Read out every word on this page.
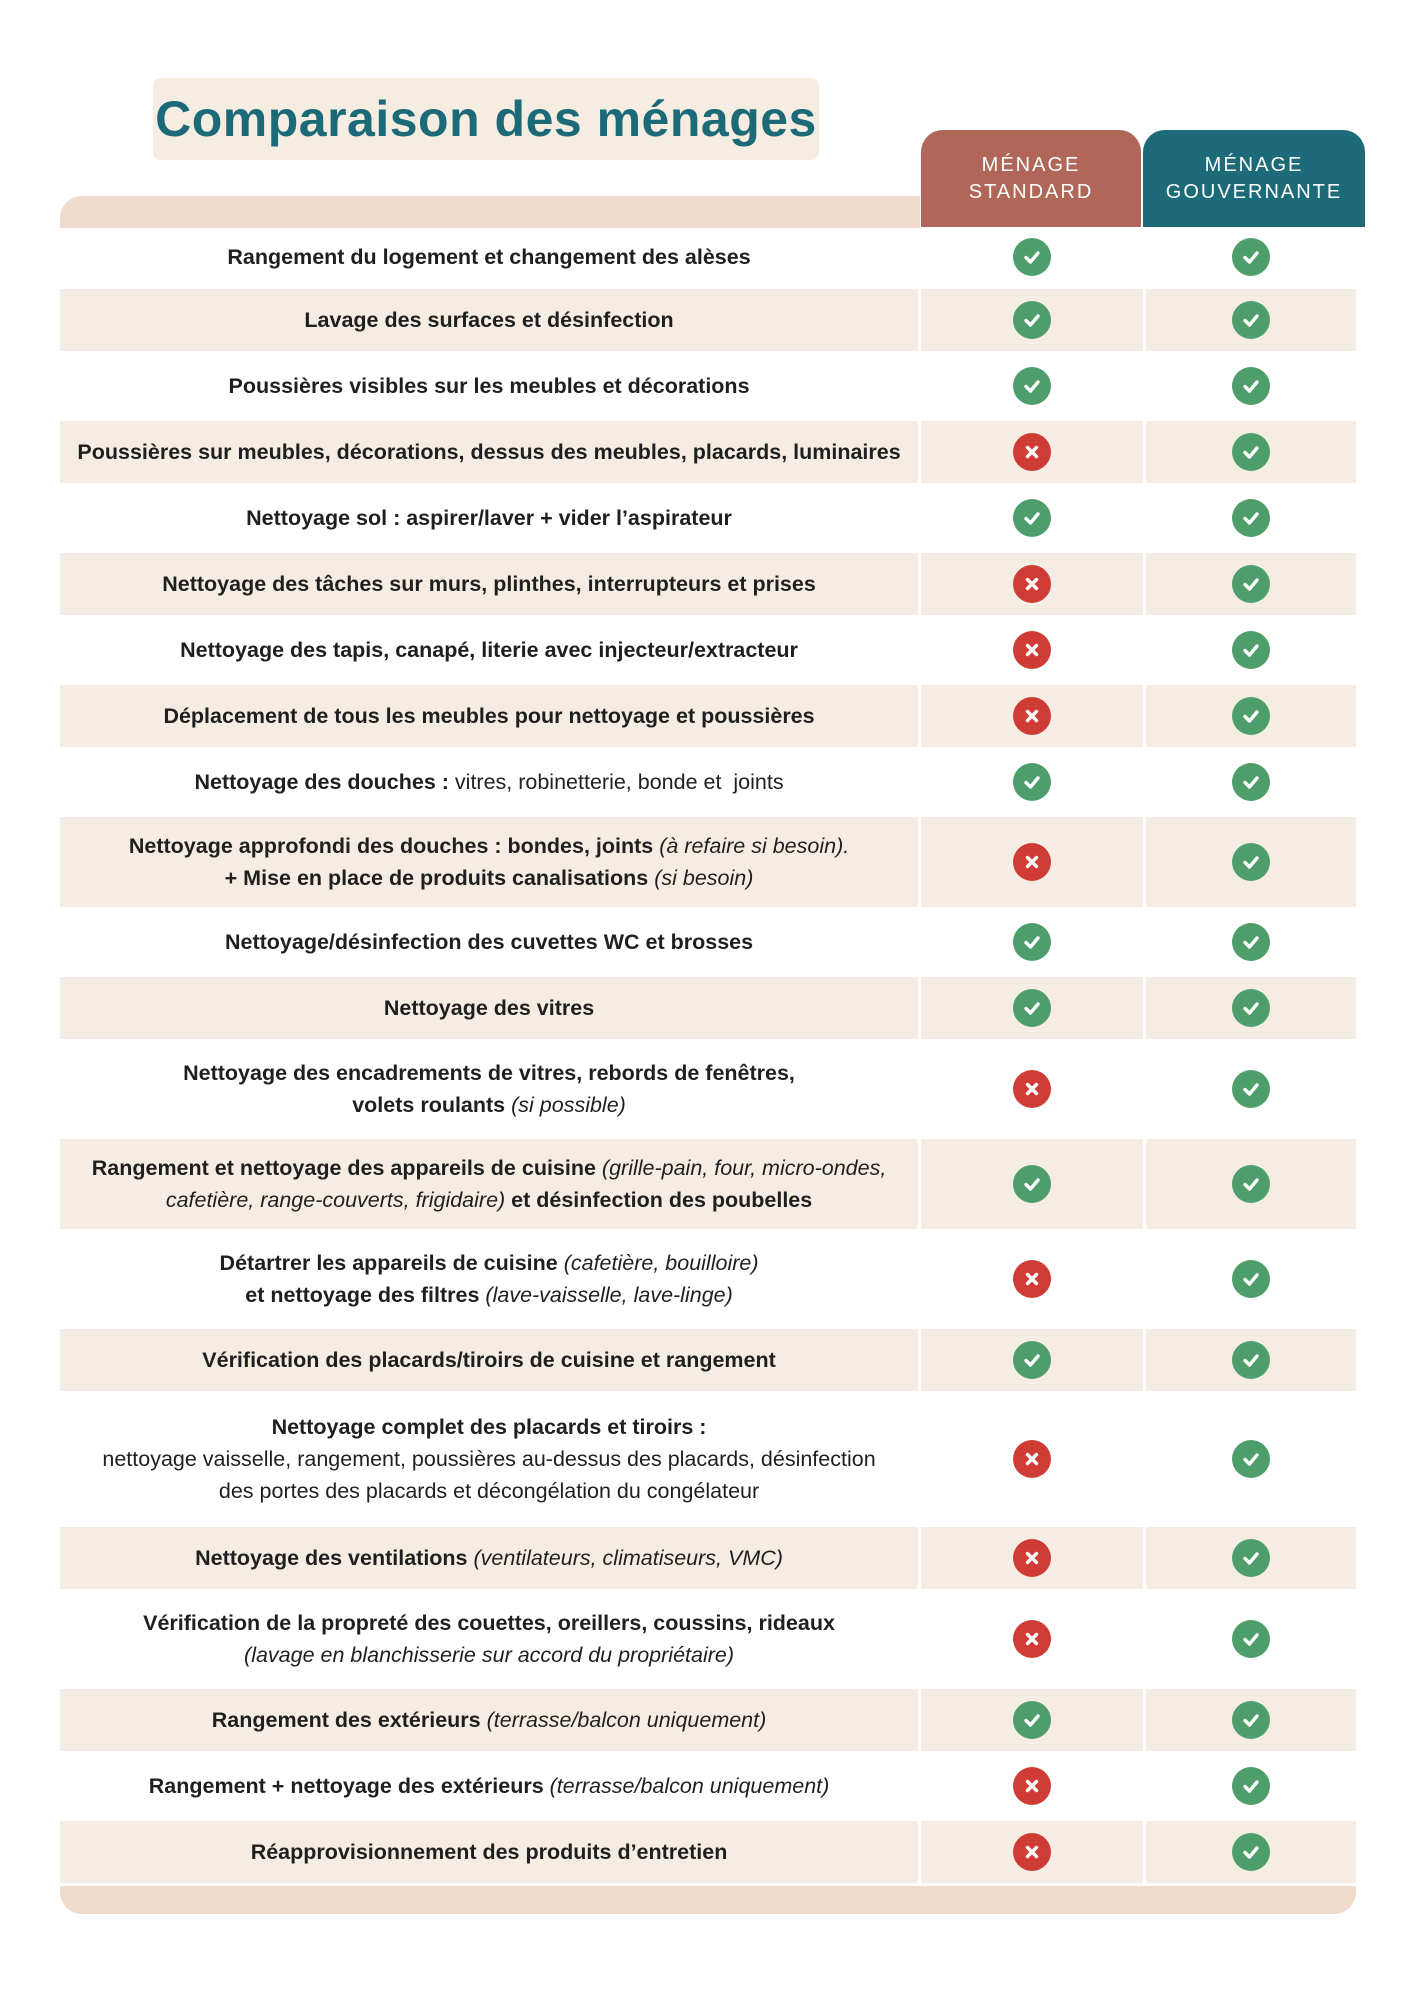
Comparaison des ménages
MÉNAGE
STANDARD
MÉNAGE
GOUVERNANTE
Rangement du logement et changement des alèses
Lavage des surfaces et désinfection
Poussières visibles sur les meubles et décorations
Poussières sur meubles, décorations, dessus des meubles, placards, luminaires
Nettoyage sol : aspirer/laver + vider l’aspirateur
Nettoyage des tâches sur murs, plinthes, interrupteurs et prises
Nettoyage des tapis, canapé, literie avec injecteur/extracteur
Déplacement de tous les meubles pour nettoyage et poussières
Nettoyage des douches : vitres, robinetterie, bonde et  joints
Nettoyage approfondi des douches : bondes, joints (à refaire si besoin).
+ Mise en place de produits canalisations (si besoin)
Nettoyage/désinfection des cuvettes WC et brosses
Nettoyage des vitres
Nettoyage des encadrements de vitres, rebords de fenêtres,
volets roulants (si possible)
Rangement et nettoyage des appareils de cuisine (grille-pain, four, micro-ondes,
cafetière, range-couverts, frigidaire) et désinfection des poubelles
Détartrer les appareils de cuisine (cafetière, bouilloire)
et nettoyage des filtres (lave-vaisselle, lave-linge)
Vérification des placards/tiroirs de cuisine et rangement
Nettoyage complet des placards et tiroirs :
nettoyage vaisselle, rangement, poussières au-dessus des placards, désinfection
des portes des placards et décongélation du congélateur
Nettoyage des ventilations (ventilateurs, climatiseurs, VMC)
Vérification de la propreté des couettes, oreillers, coussins, rideaux
(lavage en blanchisserie sur accord du propriétaire)
Rangement des extérieurs (terrasse/balcon uniquement)
Rangement + nettoyage des extérieurs (terrasse/balcon uniquement)
Réapprovisionnement des produits d’entretien
